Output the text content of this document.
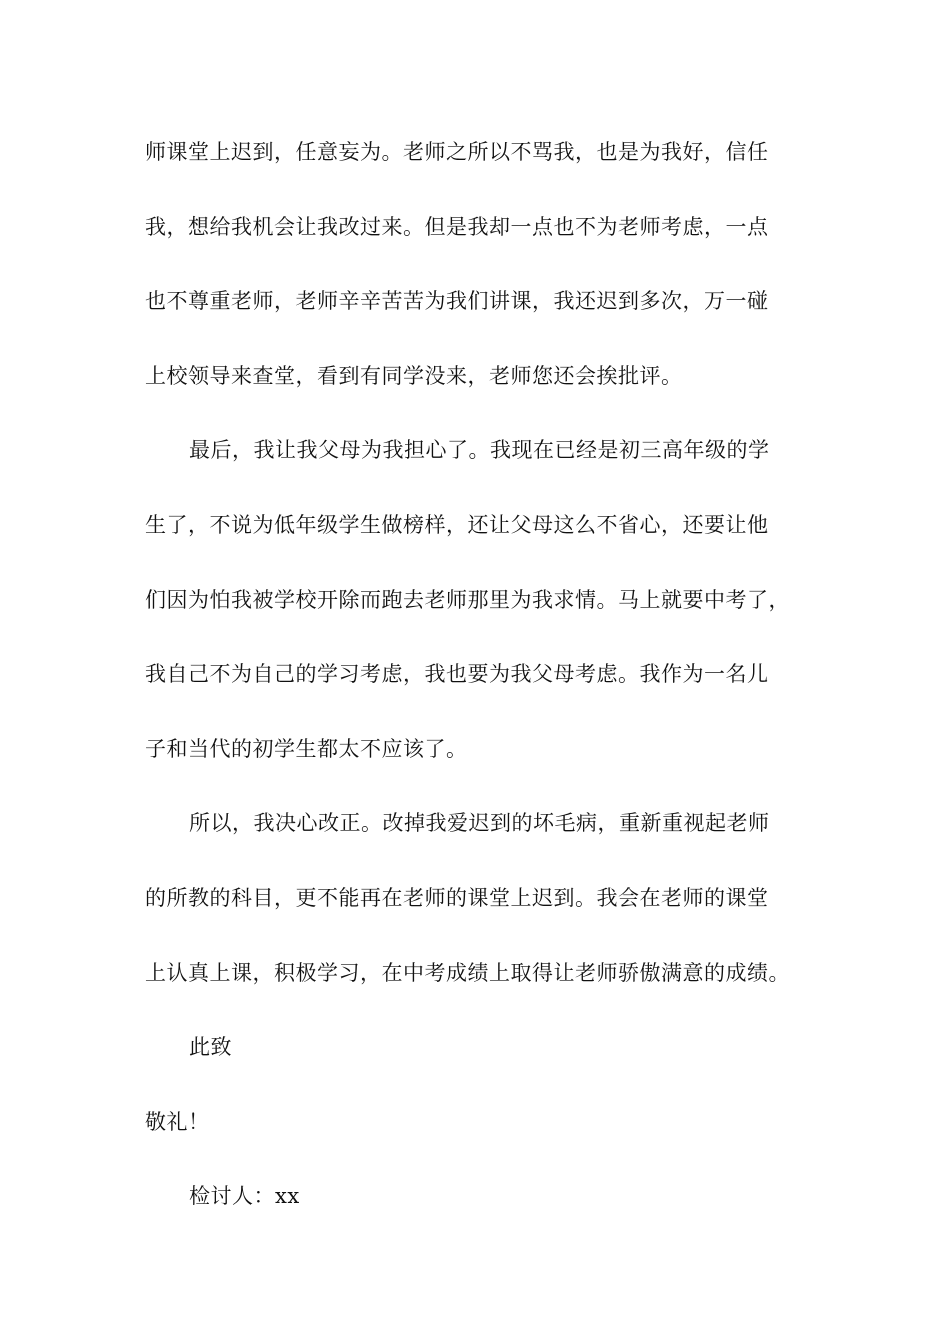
师课堂上迟到，任意妄为。老师之所以不骂我，也是为我好，信任
我，想给我机会让我改过来。但是我却一点也不为老师考虑，一点
也不尊重老师，老师辛辛苦苦为我们讲课，我还迟到多次，万一碰
上校领导来查堂，看到有同学没来，老师您还会挨批评。
最后，我让我父母为我担心了。我现在已经是初三高年级的学
生了，不说为低年级学生做榜样，还让父母这么不省心，还要让他
们因为怕我被学校开除而跑去老师那里为我求情。马上就要中考了，
我自己不为自己的学习考虑，我也要为我父母考虑。我作为一名儿
子和当代的初学生都太不应该了。
所以，我决心改正。改掉我爱迟到的坏毛病，重新重视起老师
的所教的科目，更不能再在老师的课堂上迟到。我会在老师的课堂
上认真上课，积极学习，在中考成绩上取得让老师骄傲满意的成绩。
此致
敬礼！
检讨人：xx
